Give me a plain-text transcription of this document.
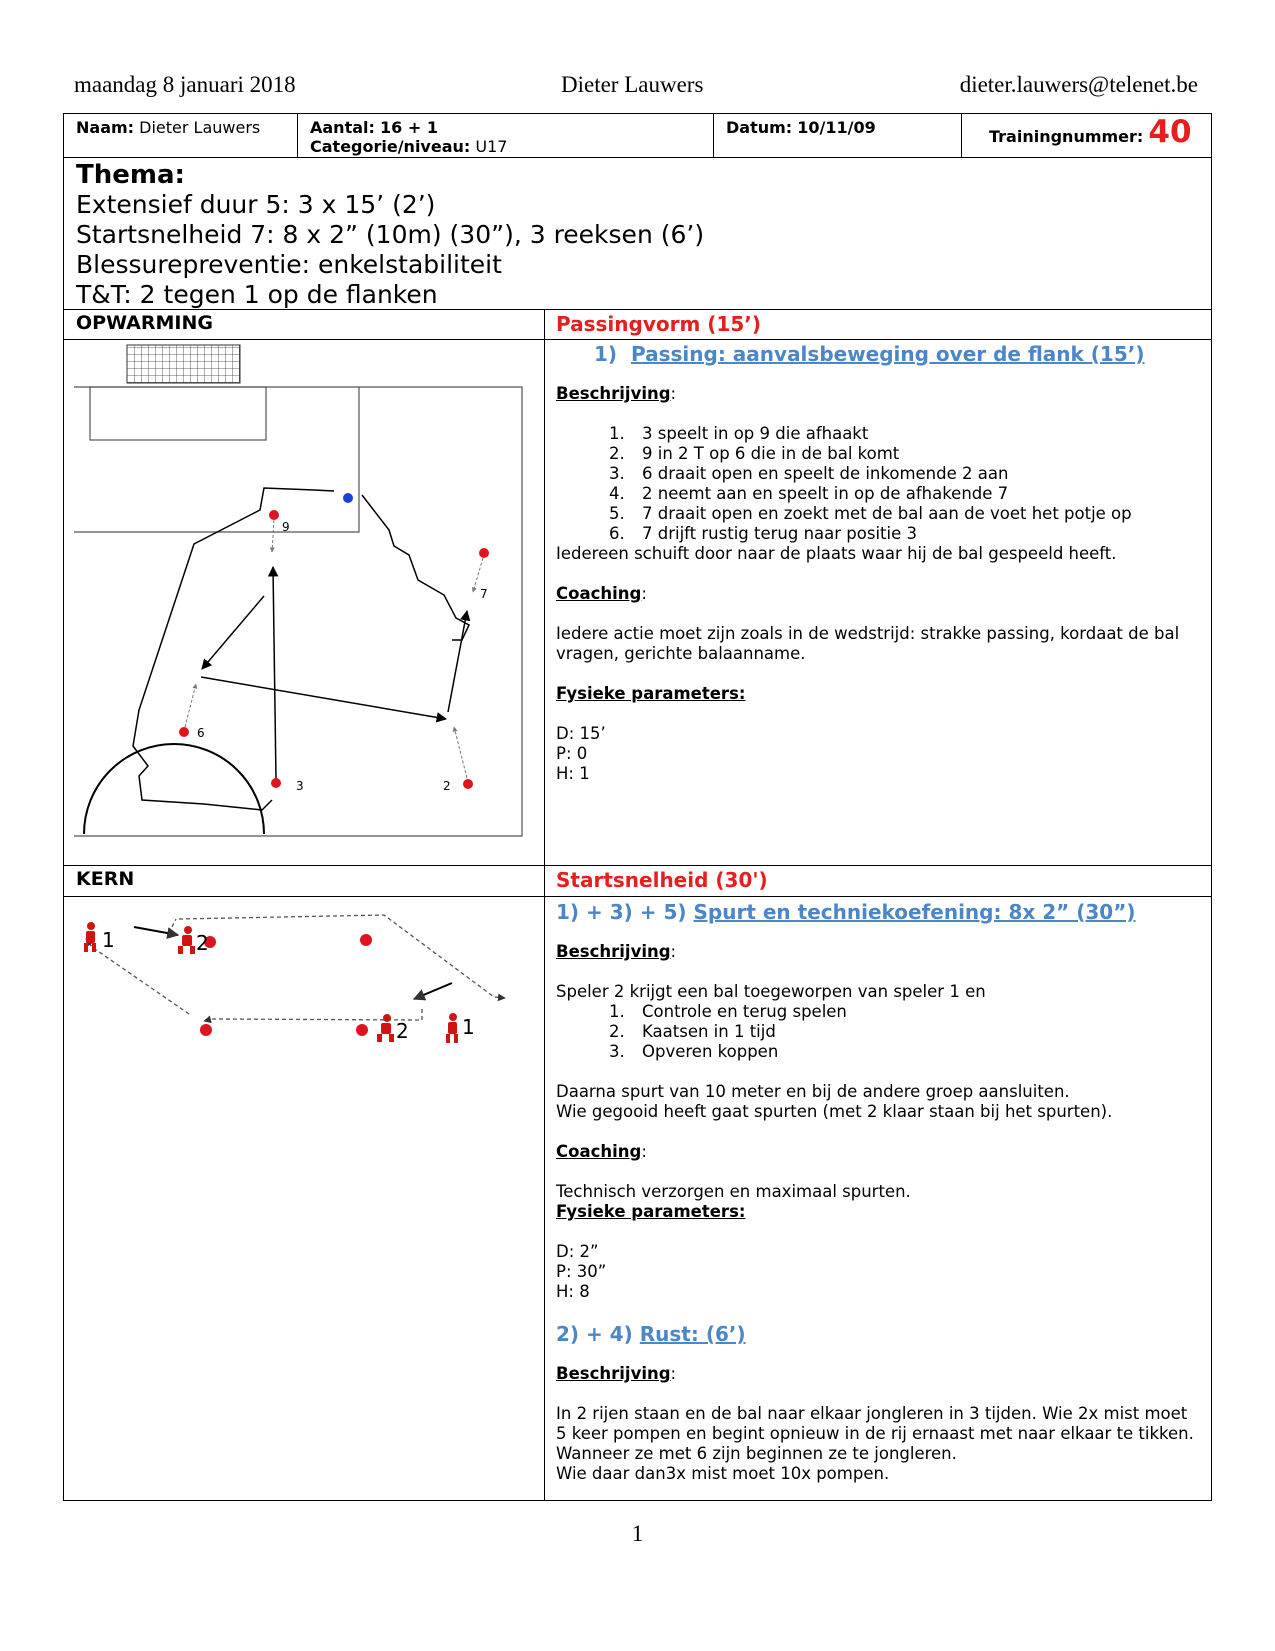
maandag 8 januari 2018	Dieter Lauwers	dieter.lauwers@telenet.be
Naam: Dieter Lauwers	Aantal: 16 + 1
Categorie/niveau: U17
Datum: 10/11/09	Trainingnummer: 40
Thema:
Extensief duur 5: 3 x 15’ (2’)
Startsnelheid 7: 8 x 2” (10m) (30”), 3 reeksen (6’)
Blessurepreventie: enkelstabiliteit
T&T: 2 tegen 1 op de flanken
OPWARMING	Passingvorm (15’)
KERN	Startsnelheid (30')

1) Passing: aanvalsbeweging over de flank (15’)

Beschrijving:

1. 3 speelt in op 9 die afhaakt
2. 9 in 2 T op 6 die in de bal komt
3. 6 draait open en speelt de inkomende 2 aan
4. 2 neemt aan en speelt in op de afhakende 7
5. 7 draait open en zoekt met de bal aan de voet het potje op
6. 7 drijft rustig terug naar positie 3

Iedereen schuift door naar de plaats waar hij de bal gespeeld heeft.

Coaching:

Iedere actie moet zijn zoals in de wedstrijd: strakke passing, kordaat de bal vragen, gerichte balaanname.

Fysieke parameters:

D: 15’

P: 0

H: 1

9
7
6
3	2

1) + 3) + 5) Spurt en techniekoefening: 8x 2” (30”)

Beschrijving:

Speler 2 krijgt een bal toegeworpen van speler 1 en

1. Controle en terug spelen
2. Kaatsen in 1 tijd
3. Opveren koppen

Daarna spurt van 10 meter en bij de andere groep aansluiten.

Wie gegooid heeft gaat spurten (met 2 klaar staan bij het spurten).

Coaching:

Technisch verzorgen en maximaal spurten.

Fysieke parameters:

D: 2”

P: 30”

H: 8

2) + 4) Rust: (6’)

Beschrijving:

In 2 rijen staan en de bal naar elkaar jongleren in 3 tijden. Wie 2x mist moet 5 keer pompen en begint opnieuw in de rij ernaast met naar elkaar te tikken. Wanneer ze met 6 zijn beginnen ze te jongleren.

Wie daar dan3x mist moet 10x pompen.

1	2
2	1
1
